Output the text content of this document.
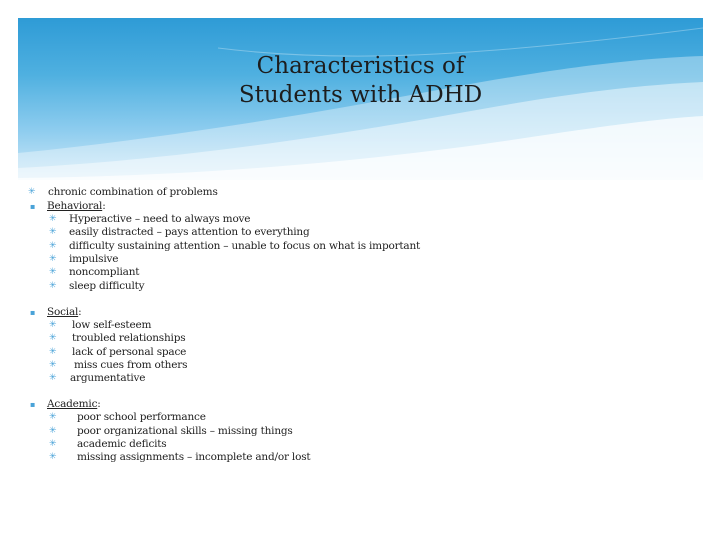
Characteristics of
Students with ADHD
✳ chronic combination of problems
▪ Behavioral:
✳ Hyperactive – need to always move
✳ easily distracted – pays attention to everything
✳ difficulty sustaining attention – unable to focus on what is important
✳ impulsive
✳ noncompliant
✳ sleep difficulty
▪ Social:
✳ low self-esteem
✳ troubled relationships
✳ lack of personal space
✳ miss cues from others
✳ argumentative
▪ Academic:
✳ poor school performance
✳ poor organizational skills – missing things
✳ academic deficits
✳ missing assignments – incomplete and/or lost
